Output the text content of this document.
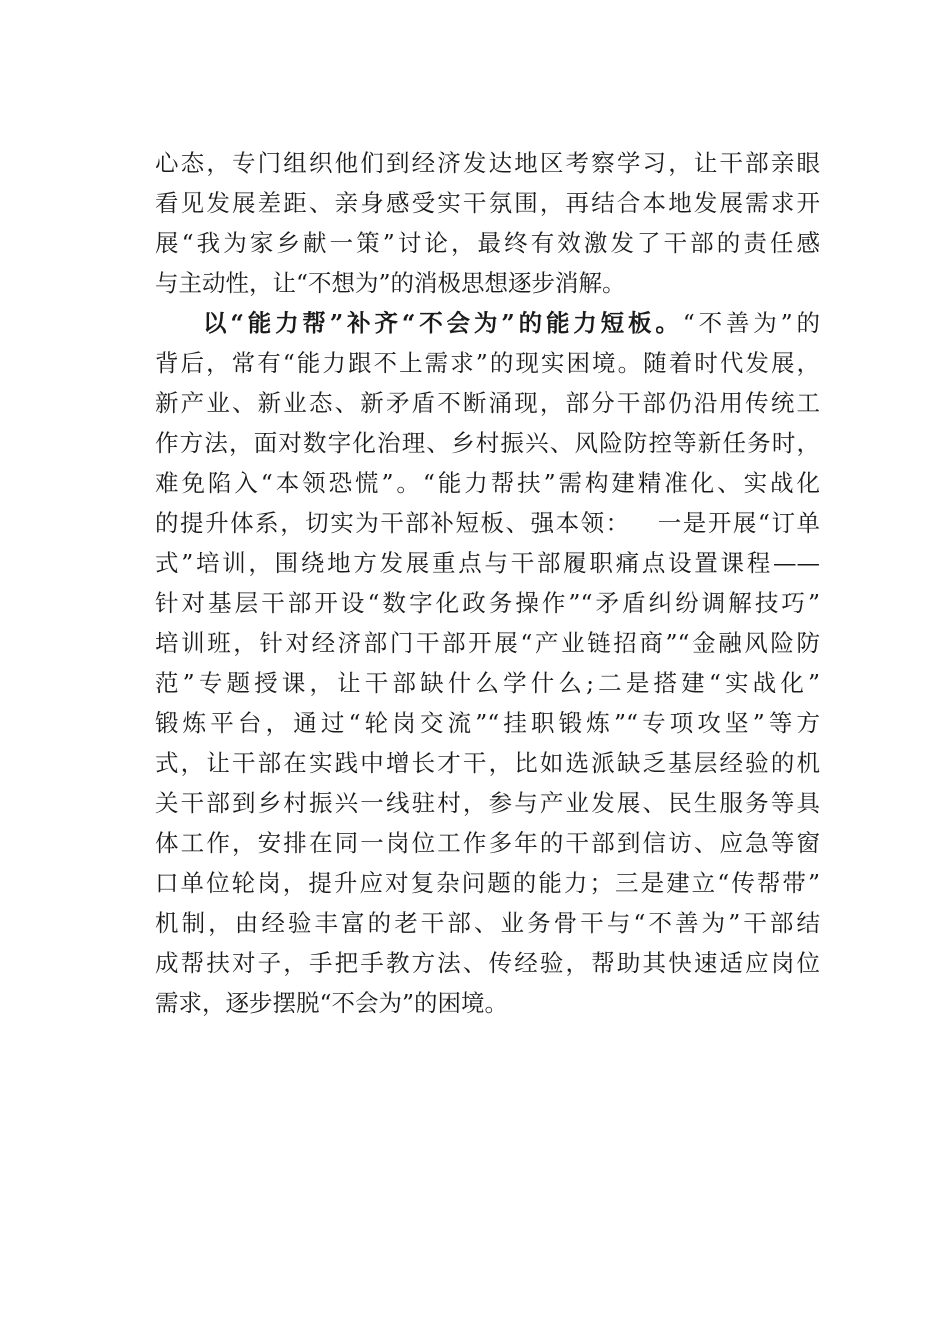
心态，专门组织他们到经济发达地区考察学习，让干部亲眼
看见发展差距、亲身感受实干氛围，再结合本地发展需求开
展“我为家乡献一策”讨论，最终有效激发了干部的责任感
与主动性，让“不想为”的消极思想逐步消解。
以“能力帮”补齐“不会为”的能力短板。“不善为”的
背后，常有“能力跟不上需求”的现实困境。随着时代发展，
新产业、新业态、新矛盾不断涌现，部分干部仍沿用传统工
作方法，面对数字化治理、乡村振兴、风险防控等新任务时，
难免陷入“本领恐慌”。“能力帮扶”需构建精准化、实战化
的提升体系，切实为干部补短板、强本领：   一是开展“订单
式”培训，围绕地方发展重点与干部履职痛点设置课程——
针对基层干部开设“数字化政务操作”“矛盾纠纷调解技巧”
培训班，针对经济部门干部开展“产业链招商”“金融风险防
范”专题授课，让干部缺什么学什么;二是搭建“实战化”
锻炼平台，通过“轮岗交流”“挂职锻炼”“专项攻坚”等方
式，让干部在实践中增长才干，比如选派缺乏基层经验的机
关干部到乡村振兴一线驻村，参与产业发展、民生服务等具
体工作，安排在同一岗位工作多年的干部到信访、应急等窗
口单位轮岗，提升应对复杂问题的能力；三是建立“传帮带”
机制，由经验丰富的老干部、业务骨干与“不善为”干部结
成帮扶对子，手把手教方法、传经验，帮助其快速适应岗位
需求，逐步摆脱“不会为”的困境。
